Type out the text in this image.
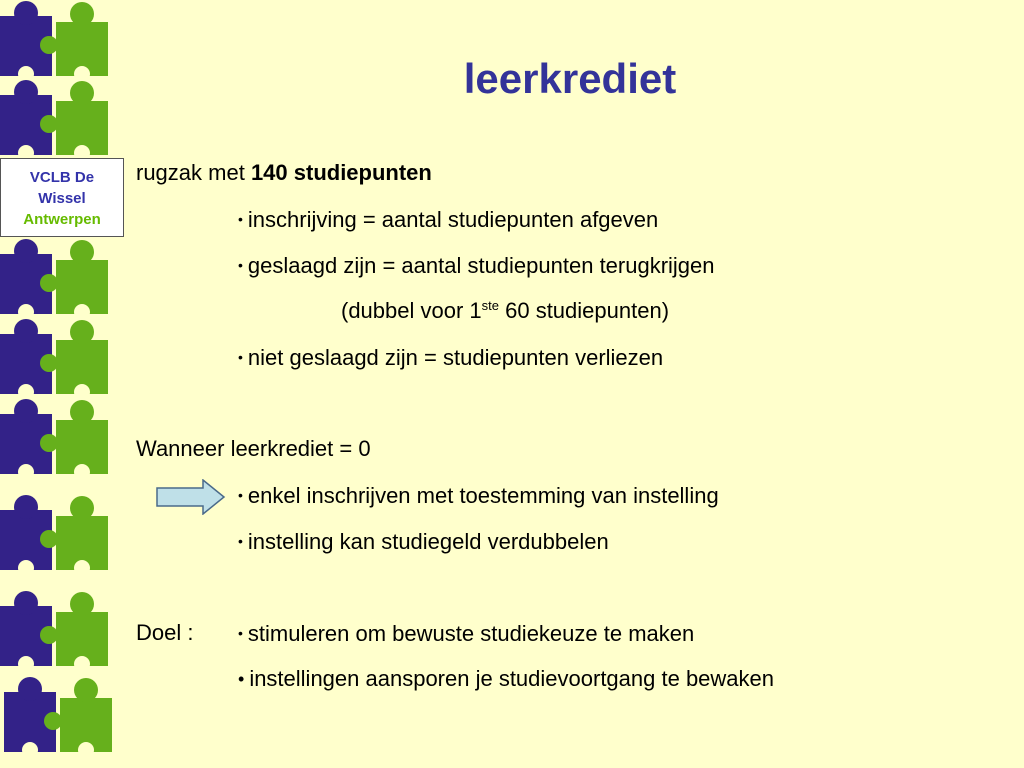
VCLB De
Wissel
Antwerpen
leerkrediet
rugzak met 140 studiepunten
• inschrijving = aantal studiepunten afgeven
• geslaagd zijn = aantal studiepunten terugkrijgen
(dubbel voor 1ste 60 studiepunten)
• niet geslaagd zijn = studiepunten verliezen
Wanneer leerkrediet = 0
• enkel inschrijven met toestemming van instelling
• instelling kan studiegeld verdubbelen
Doel :	• stimuleren om bewuste studiekeuze te maken
• instellingen aansporen je studievoortgang te bewaken
